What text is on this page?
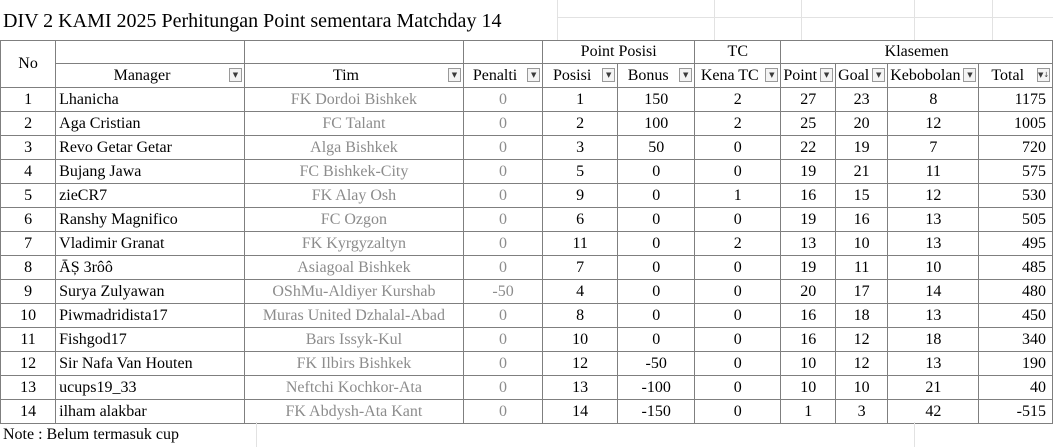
DIV 2 KAMI 2025 Perhitungan Point sementara Matchday 14
No				Point Posisi		TC	Klasemen			
	Manager ▼	Tim ▼	Penalti ▼	Posisi ▼	Bonus ▼	Kena TC ▼	Point ▼	Goal ▼	Kebobolan ▼	Total ▼↓

1	Lhanicha	FK Dordoi Bishkek	0	1	150	2	27	23	8	1175
2	Aga Cristian	FC Talant	0	2	100	2	25	20	12	1005
3	Revo Getar Getar	Alga Bishkek	0	3	50	0	22	19	7	720
4	Bujang Jawa	FC Bishkek-City	0	5	0	0	19	21	11	575
5	zieCR7	FK Alay Osh	0	9	0	1	16	15	12	530
6	Ranshy Magnifico	FC Ozgon	0	6	0	0	19	16	13	505
7	Vladimir Granat	FK Kyrgyzaltyn	0	11	0	2	13	10	13	495
8	ĀȘ 3rôô	Asiagoal Bishkek	0	7	0	0	19	11	10	485
9	Surya Zulyawan	OShMu-Aldiyer Kurshab	-50	4	0	0	20	17	14	480
10	Piwmadridista17	Muras United Dzhalal-Abad	0	8	0	0	16	18	13	450
11	Fishgod17	Bars Issyk-Kul	0	10	0	0	16	12	18	340
12	Sir Nafa Van Houten	FK Ilbirs Bishkek	0	12	-50	0	10	12	13	190
13	ucups19_33	Neftchi Kochkor-Ata	0	13	-100	0	10	10	21	40
14	ilham alakbar	FK Abdysh-Ata Kant	0	14	-150	0	1	3	42	-515
Note : Belum termasuk cup
